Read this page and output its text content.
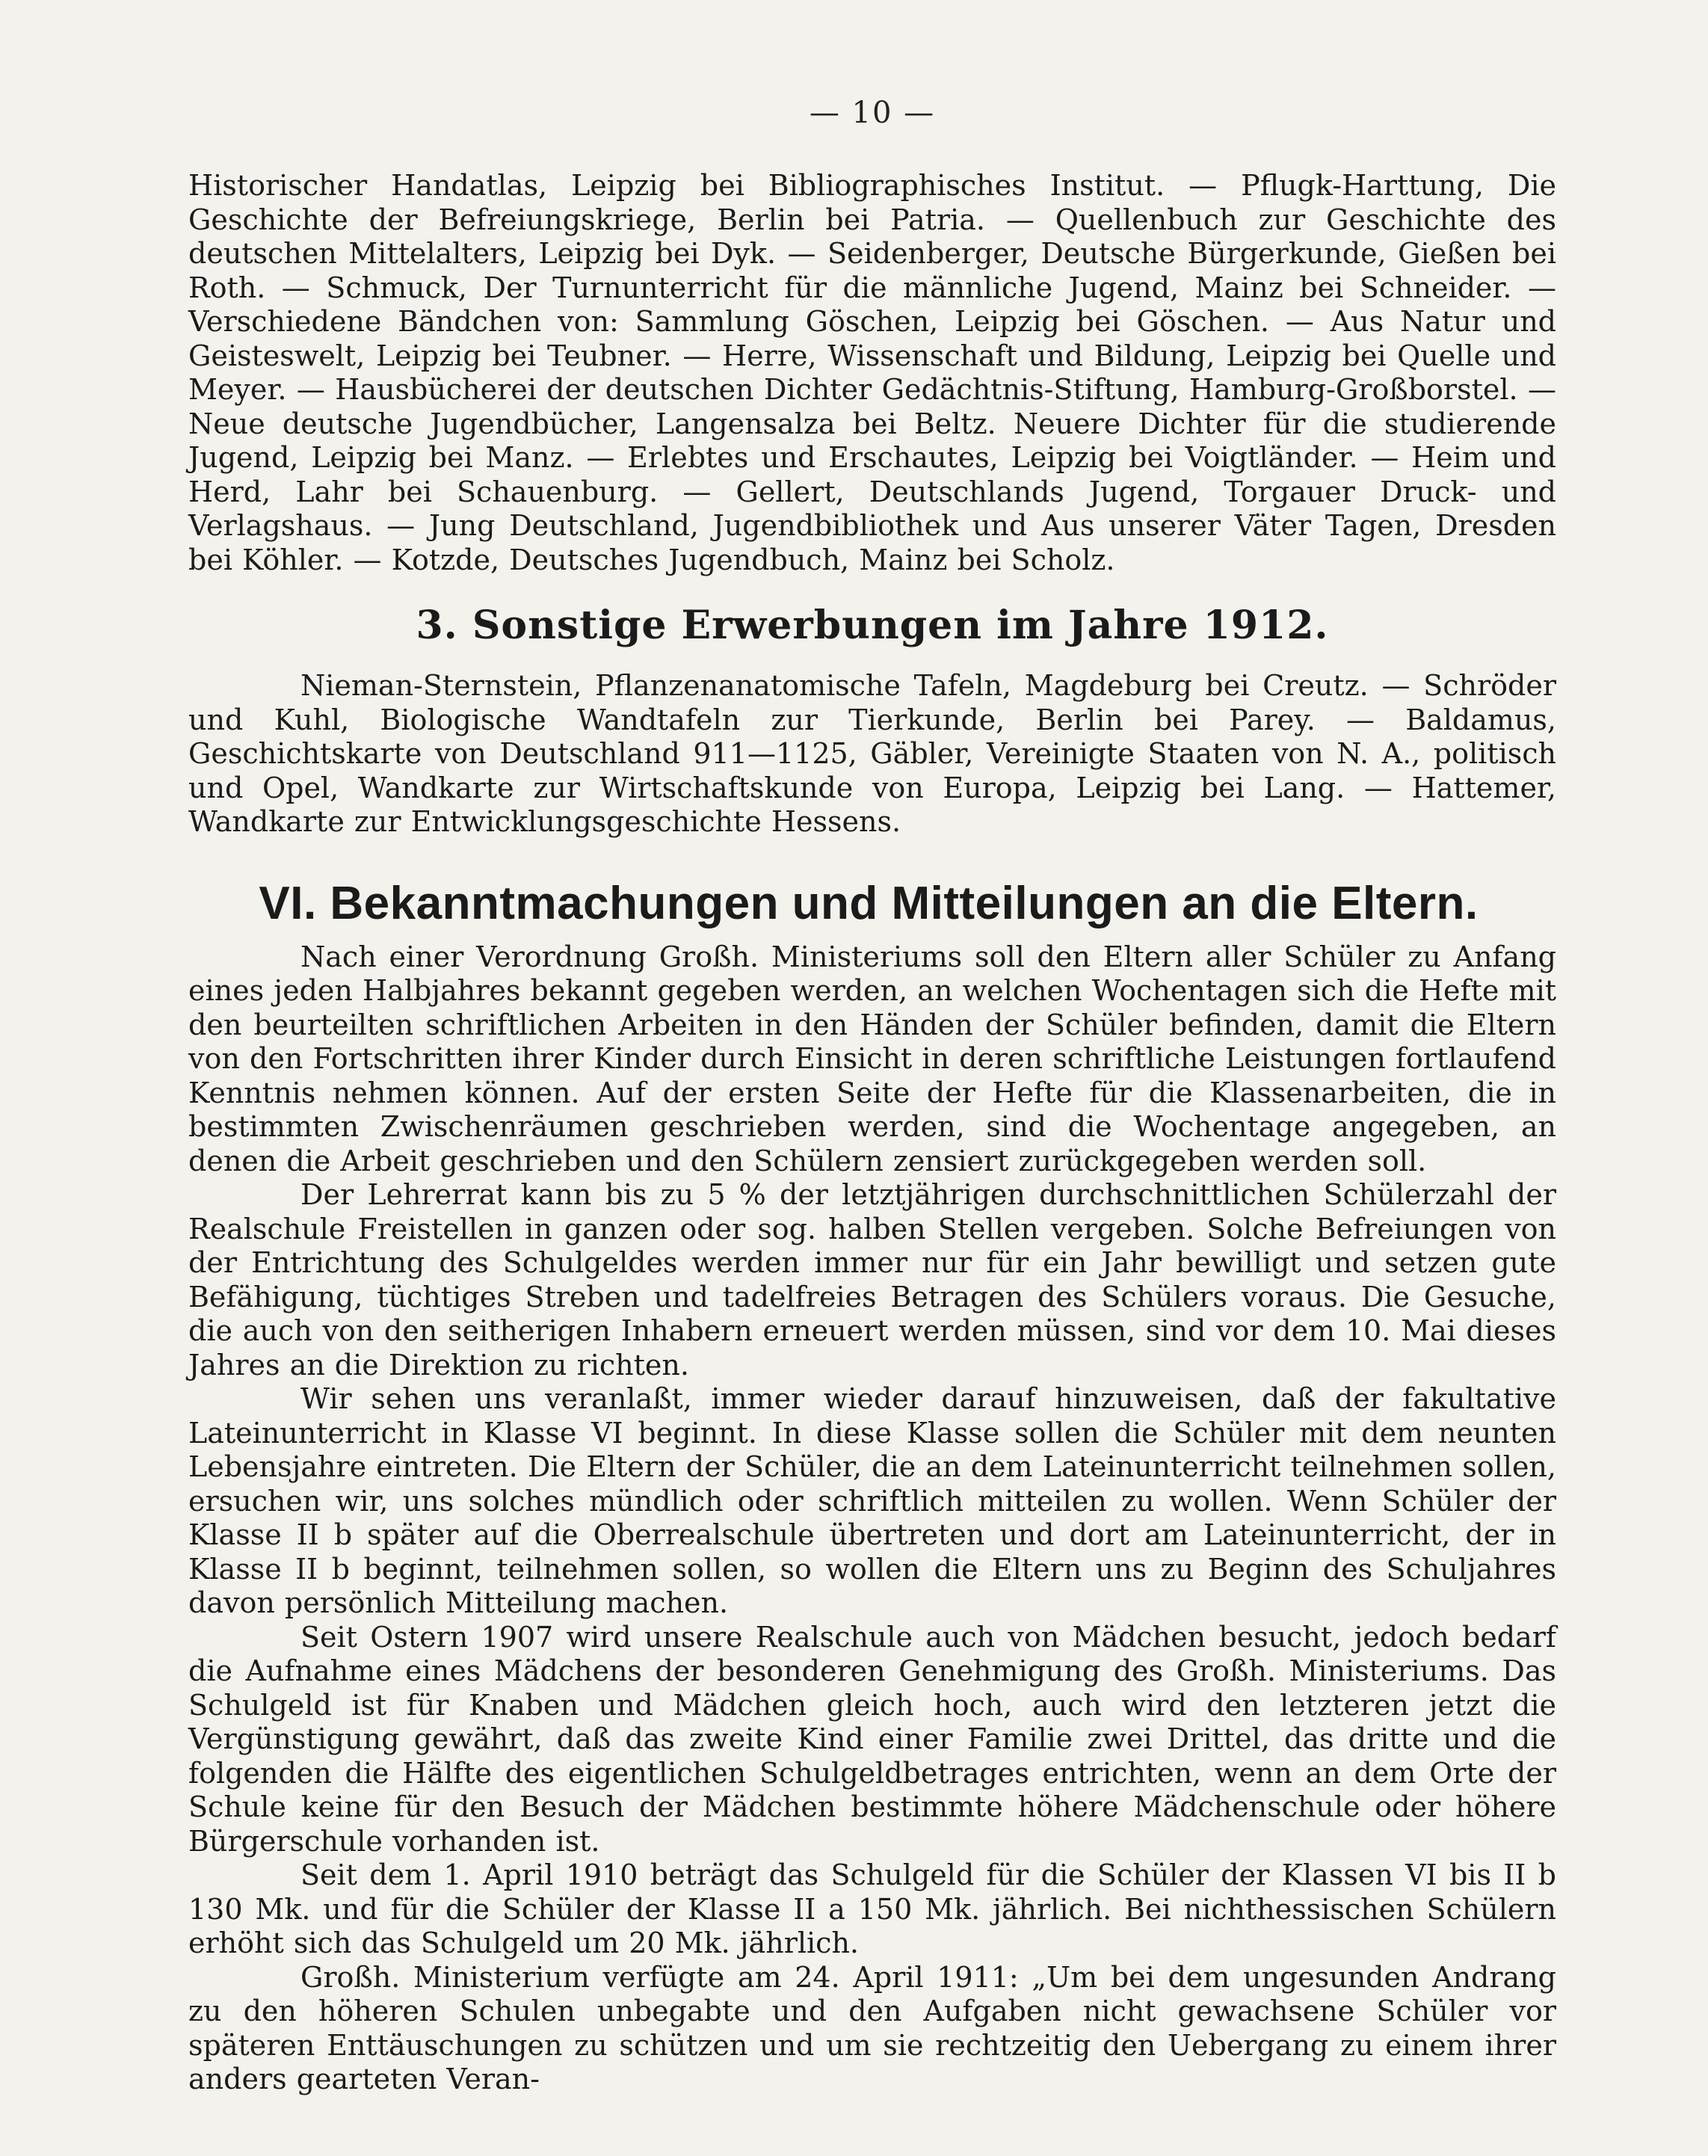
— 10 —

Historischer Handatlas, Leipzig bei Bibliographisches Institut. — Pflugk-Harttung, Die Geschichte der Befreiungskriege, Berlin bei Patria. — Quellenbuch zur Geschichte des deutschen Mittelalters, Leipzig bei Dyk. — Seidenberger, Deutsche Bürgerkunde, Gießen bei Roth. — Schmuck, Der Turnunterricht für die männliche Jugend, Mainz bei Schneider. — Verschiedene Bändchen von: Sammlung Göschen, Leipzig bei Göschen. — Aus Natur und Geisteswelt, Leipzig bei Teubner. — Herre, Wissenschaft und Bildung, Leipzig bei Quelle und Meyer. — Hausbücherei der deutschen Dichter Gedächtnis-Stiftung, Hamburg-Großborstel. — Neue deutsche Jugendbücher, Langensalza bei Beltz. Neuere Dichter für die studierende Jugend, Leipzig bei Manz. — Erlebtes und Erschautes, Leipzig bei Voigtländer. — Heim und Herd, Lahr bei Schauenburg. — Gellert, Deutschlands Jugend, Torgauer Druck- und Verlagshaus. — Jung Deutschland, Jugendbibliothek und Aus unserer Väter Tagen, Dresden bei Köhler. — Kotzde, Deutsches Jugendbuch, Mainz bei Scholz.

3. Sonstige Erwerbungen im Jahre 1912.

Nieman-Sternstein, Pflanzenanatomische Tafeln, Magdeburg bei Creutz. — Schröder und Kuhl, Biologische Wandtafeln zur Tierkunde, Berlin bei Parey. — Baldamus, Geschichtskarte von Deutschland 911—1125, Gäbler, Vereinigte Staaten von N. A., politisch und Opel, Wandkarte zur Wirtschaftskunde von Europa, Leipzig bei Lang. — Hattemer, Wandkarte zur Entwicklungsgeschichte Hessens.

VI. Bekanntmachungen und Mitteilungen an die Eltern.

Nach einer Verordnung Großh. Ministeriums soll den Eltern aller Schüler zu Anfang eines jeden Halbjahres bekannt gegeben werden, an welchen Wochentagen sich die Hefte mit den beurteilten schriftlichen Arbeiten in den Händen der Schüler befinden, damit die Eltern von den Fortschritten ihrer Kinder durch Einsicht in deren schriftliche Leistungen fortlaufend Kenntnis nehmen können. Auf der ersten Seite der Hefte für die Klassenarbeiten, die in bestimmten Zwischenräumen geschrieben werden, sind die Wochentage angegeben, an denen die Arbeit geschrieben und den Schülern zensiert zurückgegeben werden soll.

Der Lehrerrat kann bis zu 5 % der letztjährigen durchschnittlichen Schülerzahl der Realschule Freistellen in ganzen oder sog. halben Stellen vergeben. Solche Befreiungen von der Entrichtung des Schulgeldes werden immer nur für ein Jahr bewilligt und setzen gute Befähigung, tüchtiges Streben und tadelfreies Betragen des Schülers voraus. Die Gesuche, die auch von den seitherigen Inhabern erneuert werden müssen, sind vor dem 10. Mai dieses Jahres an die Direktion zu richten.

Wir sehen uns veranlaßt, immer wieder darauf hinzuweisen, daß der fakultative Lateinunterricht in Klasse VI beginnt. In diese Klasse sollen die Schüler mit dem neunten Lebensjahre eintreten. Die Eltern der Schüler, die an dem Lateinunterricht teilnehmen sollen, ersuchen wir, uns solches mündlich oder schriftlich mitteilen zu wollen. Wenn Schüler der Klasse II b später auf die Oberrealschule übertreten und dort am Lateinunterricht, der in Klasse II b beginnt, teilnehmen sollen, so wollen die Eltern uns zu Beginn des Schuljahres davon persönlich Mitteilung machen.

Seit Ostern 1907 wird unsere Realschule auch von Mädchen besucht, jedoch bedarf die Aufnahme eines Mädchens der besonderen Genehmigung des Großh. Ministeriums. Das Schulgeld ist für Knaben und Mädchen gleich hoch, auch wird den letzteren jetzt die Vergünstigung gewährt, daß das zweite Kind einer Familie zwei Drittel, das dritte und die folgenden die Hälfte des eigentlichen Schulgeldbetrages entrichten, wenn an dem Orte der Schule keine für den Besuch der Mädchen bestimmte höhere Mädchenschule oder höhere Bürgerschule vorhanden ist.

Seit dem 1. April 1910 beträgt das Schulgeld für die Schüler der Klassen VI bis II b 130 Mk. und für die Schüler der Klasse II a 150 Mk. jährlich. Bei nichthessischen Schülern erhöht sich das Schulgeld um 20 Mk. jährlich.

Großh. Ministerium verfügte am 24. April 1911: „Um bei dem ungesunden Andrang zu den höheren Schulen unbegabte und den Aufgaben nicht gewachsene Schüler vor späteren Enttäuschungen zu schützen und um sie rechtzeitig den Uebergang zu einem ihrer anders gearteten Veran-
